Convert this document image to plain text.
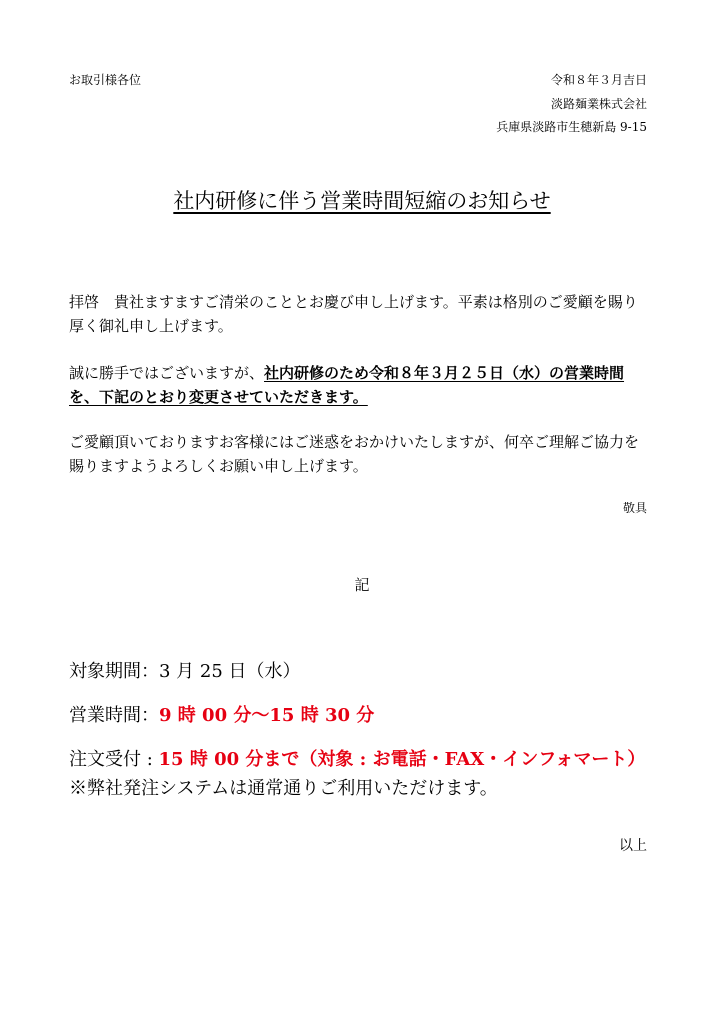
お取引様各位	令和８年３月吉日
淡路麺業株式会社
兵庫県淡路市生穂新島 9-15
社内研修に伴う営業時間短縮のお知らせ
拝啓　貴社ますますご清栄のこととお慶び申し上げます。平素は格別のご愛顧を賜り厚く御礼申し上げます。
誠に勝手ではございますが、社内研修のため令和８年３月２５日（水）の営業時間を、下記のとおり変更させていただきます。
ご愛顧頂いておりますお客様にはご迷惑をおかけいたしますが、何卒ご理解ご協力を賜りますようよろしくお願い申し上げます。
敬具
記
対象期間：3 月 25 日（水）
営業時間：9 時 00 分～15 時 30 分
注文受付 : 15 時 00 分まで（対象 : お電話・FAX・インフォマート）
※弊社発注システムは通常通りご利用いただけます。
以上
